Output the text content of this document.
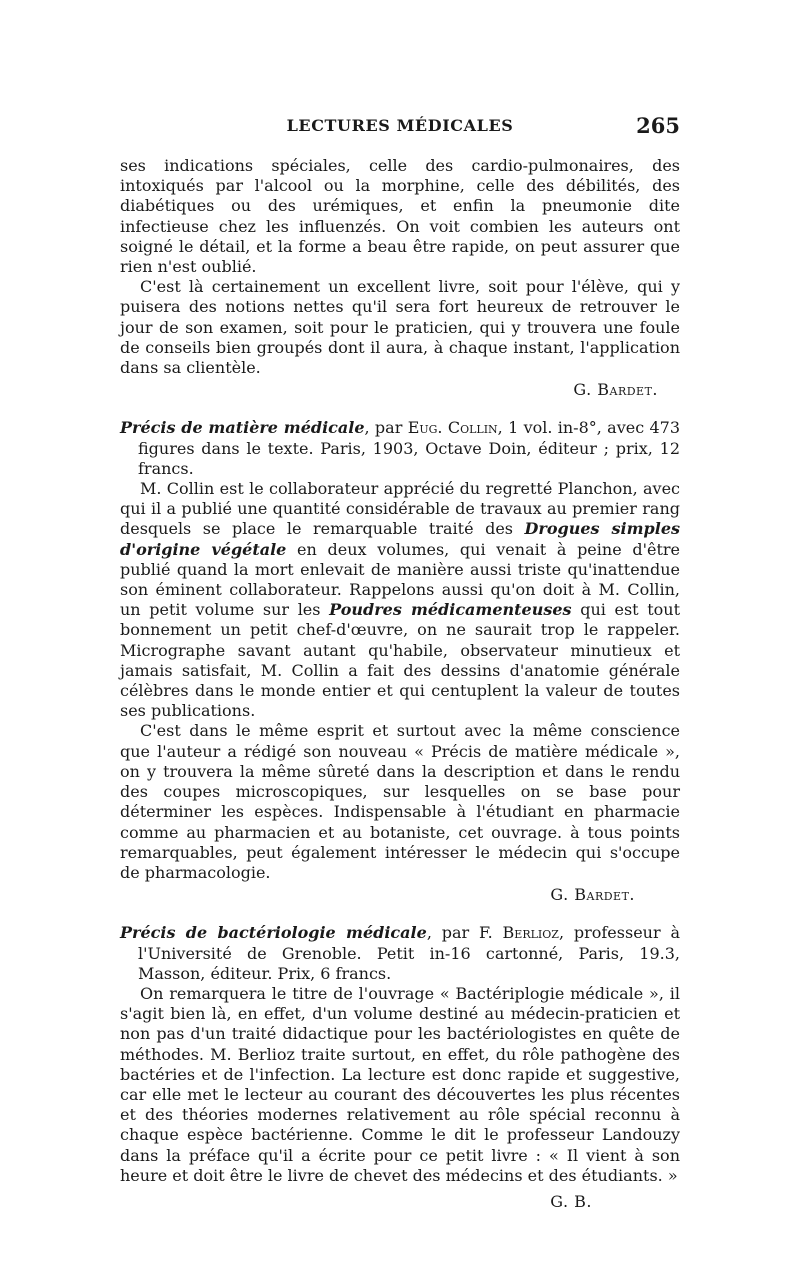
LECTURES MÉDICALES	265

ses indications spéciales, celle des cardio-pulmonaires, des intoxiqués par l'alcool ou la morphine, celle des débilités, des diabétiques ou des urémiques, et enfin la pneumonie dite infectieuse chez les influenzés. On voit combien les auteurs ont soigné le détail, et la forme a beau être rapide, on peut assurer que rien n'est oublié.

C'est là certainement un excellent livre, soit pour l'élève, qui y puisera des notions nettes qu'il sera fort heureux de retrouver le jour de son examen, soit pour le praticien, qui y trouvera une foule de conseils bien groupés dont il aura, à chaque instant, l'application dans sa clientèle.

G. Bardet.

Précis de matière médicale, par Eug. Collin, 1 vol. in-8°, avec 473 figures dans le texte. Paris, 1903, Octave Doin, éditeur ; prix, 12 francs.

M. Collin est le collaborateur apprécié du regretté Planchon, avec qui il a publié une quantité considérable de travaux au premier rang desquels se place le remarquable traité des Drogues simples d'origine végétale en deux volumes, qui venait à peine d'être publié quand la mort enlevait de manière aussi triste qu'inattendue son éminent collaborateur. Rappelons aussi qu'on doit à M. Collin, un petit volume sur les Poudres médicamenteuses qui est tout bonnement un petit chef-d'œuvre, on ne saurait trop le rappeler. Micrographe savant autant qu'habile, observateur minutieux et jamais satisfait, M. Collin a fait des dessins d'anatomie générale célèbres dans le monde entier et qui centuplent la valeur de toutes ses publications.

C'est dans le même esprit et surtout avec la même conscience que l'auteur a rédigé son nouveau « Précis de matière médicale », on y trouvera la même sûreté dans la description et dans le rendu des coupes microscopiques, sur lesquelles on se base pour déterminer les espèces. Indispensable à l'étudiant en pharmacie comme au pharmacien et au botaniste, cet ouvrage. à tous points remarquables, peut également intéresser le médecin qui s'occupe de pharmacologie.

G. Bardet.

Précis de bactériologie médicale, par F. Berlioz, professeur à l'Université de Grenoble. Petit in-16 cartonné, Paris, 19.3, Masson, éditeur. Prix, 6 francs.

On remarquera le titre de l'ouvrage « Bactériplogie médicale », il s'agit bien là, en effet, d'un volume destiné au médecin-praticien et non pas d'un traité didactique pour les bactériologistes en quête de méthodes. M. Berlioz traite surtout, en effet, du rôle pathogène des bactéries et de l'infection. La lecture est donc rapide et suggestive, car elle met le lecteur au courant des découvertes les plus récentes et des théories modernes relativement au rôle spécial reconnu à chaque espèce bactérienne. Comme le dit le professeur Landouzy dans la préface qu'il a écrite pour ce petit livre : « Il vient à son heure et doit être le livre de chevet des médecins et des étudiants. »

G. B.
